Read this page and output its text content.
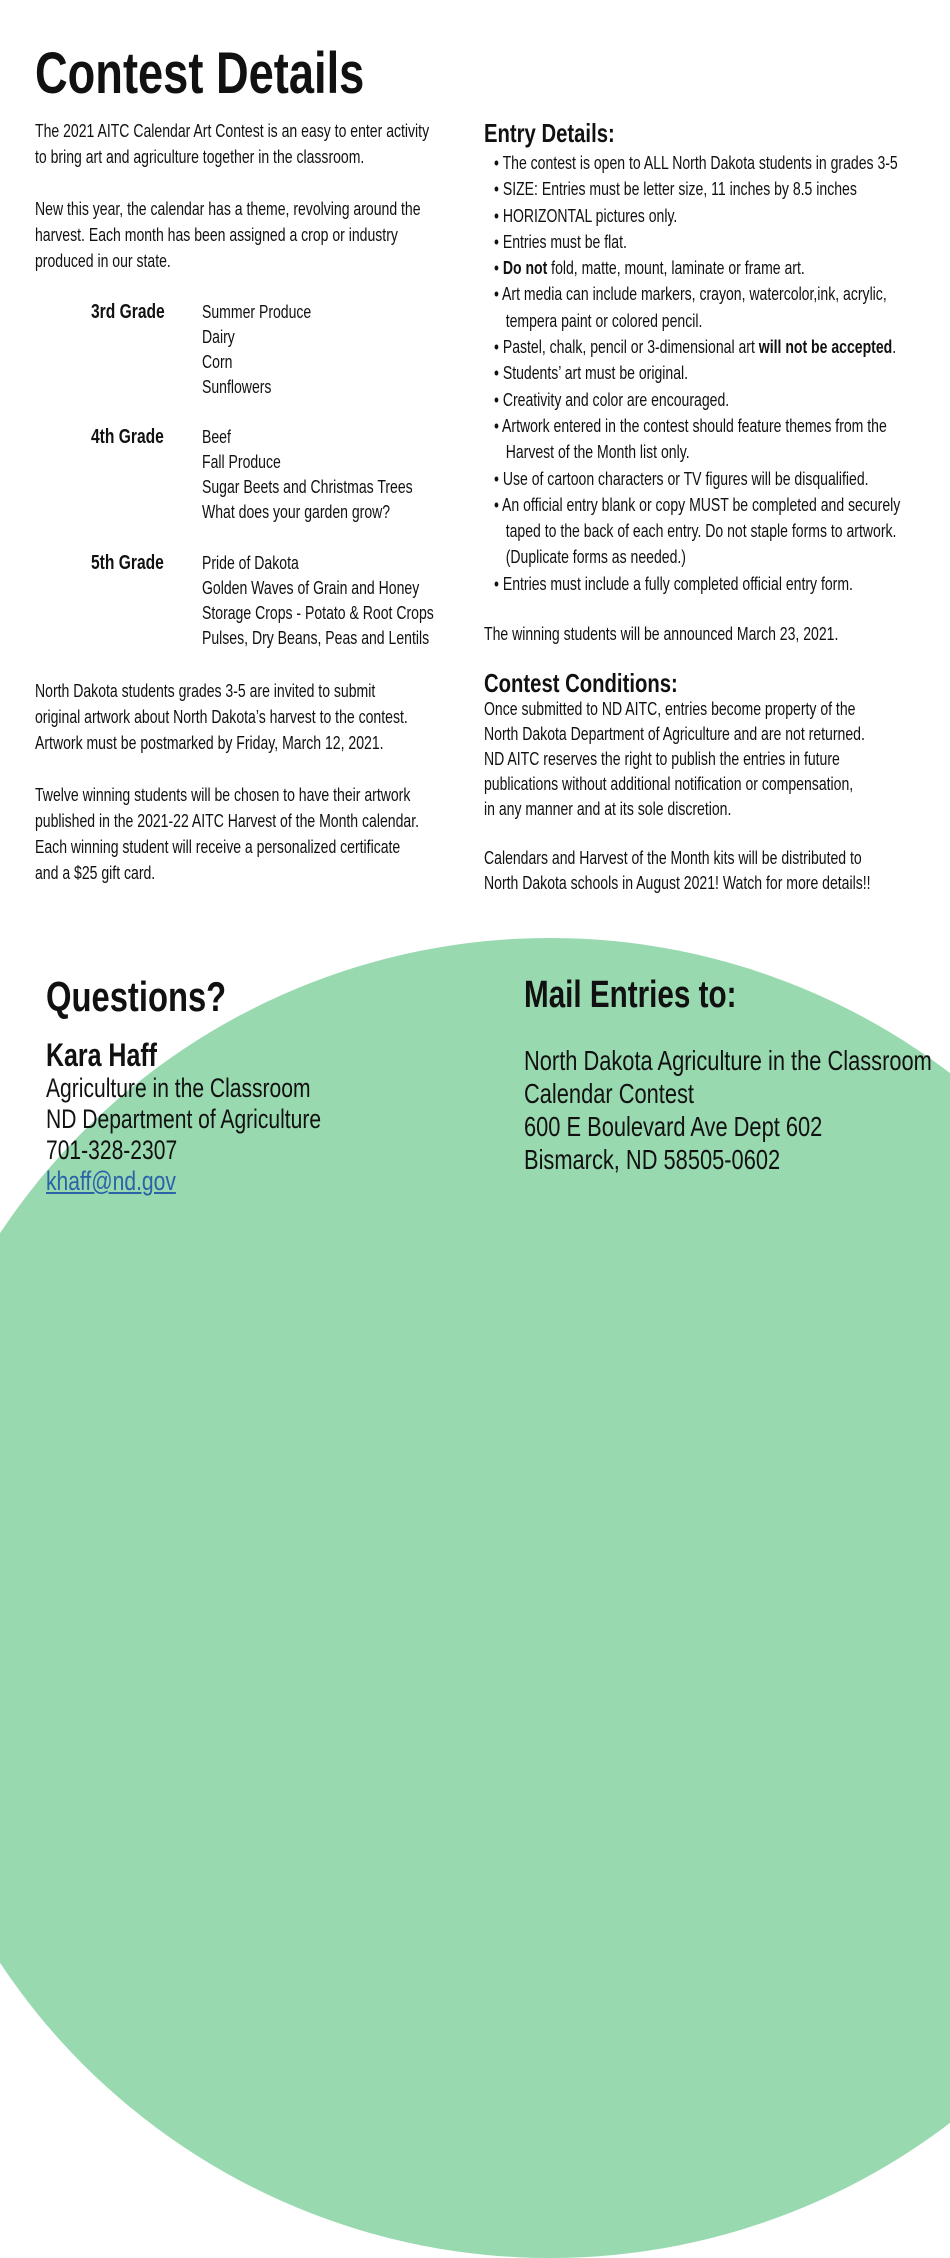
Contest Details
The 2021 AITC Calendar Art Contest is an easy to enter activity
to bring art and agriculture together in the classroom.
New this year, the calendar has a theme, revolving around the
harvest. Each month has been assigned a crop or industry
produced in our state.
3rd Grade	Summer Produce
Dairy
Corn
Sunflowers
4th Grade	Beef
Fall Produce
Sugar Beets and Christmas Trees
What does your garden grow?
5th Grade	Pride of Dakota
Golden Waves of Grain and Honey
Storage Crops - Potato & Root Crops
Pulses, Dry Beans, Peas and Lentils
North Dakota students grades 3-5 are invited to submit
original artwork about North Dakota’s harvest to the contest.
Artwork must be postmarked by Friday, March 12, 2021.
Twelve winning students will be chosen to have their artwork
published in the 2021-22 AITC Harvest of the Month calendar.
Each winning student will receive a personalized certificate
and a $25 gift card.
Entry Details:
• The contest is open to ALL North Dakota students in grades 3-5
• SIZE: Entries must be letter size, 11 inches by 8.5 inches
• HORIZONTAL pictures only.
• Entries must be flat.
• Do not fold, matte, mount, laminate or frame art.
• Art media can include markers, crayon, watercolor,ink, acrylic,
tempera paint or colored pencil.
• Pastel, chalk, pencil or 3-dimensional art will not be accepted.
• Students’ art must be original.
• Creativity and color are encouraged.
• Artwork entered in the contest should feature themes from the
Harvest of the Month list only.
• Use of cartoon characters or TV figures will be disqualified.
• An official entry blank or copy MUST be completed and securely
taped to the back of each entry. Do not staple forms to artwork.
(Duplicate forms as needed.)
• Entries must include a fully completed official entry form.
The winning students will be announced March 23, 2021.
Contest Conditions:
Once submitted to ND AITC, entries become property of the
North Dakota Department of Agriculture and are not returned.
ND AITC reserves the right to publish the entries in future
publications without additional notification or compensation,
in any manner and at its sole discretion.
Calendars and Harvest of the Month kits will be distributed to
North Dakota schools in August 2021! Watch for more details!!
Questions?
Kara Haff
Agriculture in the Classroom
ND Department of Agriculture
701-328-2307
khaff@nd.gov
Mail Entries to:
North Dakota Agriculture in the Classroom
Calendar Contest
600 E Boulevard Ave Dept 602
Bismarck, ND 58505-0602
